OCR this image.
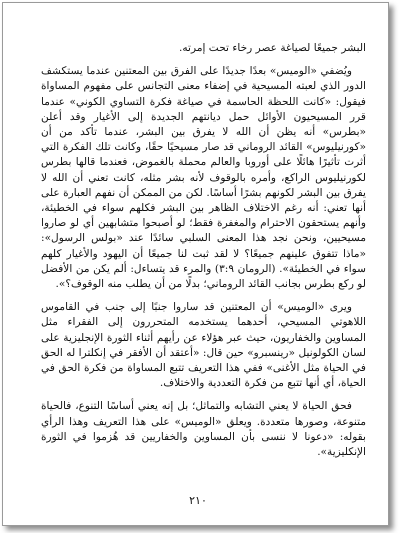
البشر جميعًا لصياغة عصر رخاء تحت إمرته.

ويُضفي «الوميس» بعدًا جديدًا على الفرق بين المعتنين عندما يستكشف الدور الذي لعبته المسيحية في إضفاء معنى التجانس على مفهوم المساواة فيقول: «كانت اللحظة الحاسمة في صياغة فكرة التساوي الكوني» عندما قرر المسيحيون الأوائل حمل ديانتهم الجديدة إلى الأغيار وقد أعلن «بطرس» أنه يظن أن الله لا يفرق بين البشر، عندما تأكد من أن «كورنيليوس» القائد الروماني قد صار مسيحيًا حقًا، وكانت تلك الفكرة التي أثرت تأثيرًا هائلًا على أوروبا والعالم محملة بالغموض، فعندما قالها بطرس لكورنيليوس الراكع، وأمره بالوقوف لأنه بشر مثله، كانت تعني أن الله لا يفرق بين البشر لكونهم بشرًا أساسًا. لكن من الممكن أن نفهم العبارة على أنها تعني: أنه رغم الاختلاف الظاهر بين البشر فكلهم سواء في الخطيئة، وأنهم يستحقون الاحترام والمغفرة فقط؛ لو أصبحوا متشابهين أي لو صاروا مسيحيين، ونحن نجد هذا المعنى السلبي سائدًا عند «بولس الرسول»: «ماذا تتفوق علينهم جميعًا؟ لا لقد ثبت لنا جميعًا أن اليهود والأغيار كلهم سواء في الخطيئة». (الرومان ٣:٩) والمرء قد يتساءل: ألم يكن من الأفضل لو ركع بطرس بجانب القائد الروماني؛ بدلًا من أن يطلب منه الوقوف؟».

ويرى «الوميس» أن المعتنين قد ساروا جنبًا إلى جنب في القاموس اللاهوتي المسيحي، أحدهما يستخدمه المتحررون إلى الفقراء مثل المساوين والخفاريون، حيث عبر هؤلاء عن رأيهم أثناء الثورة الإنجليزية على لسان الكولونيل «رينسبرو» حين قال: «أعتقد أن الأفقر في إنكلترا له الحق في الحياة مثل الأغنى» ففي هذا التعريف تتبع المساواة من فكرة الحق في الحياة، أي أنها تتبع من فكرة التعددية والاختلاف.

فحق الحياة لا يعني التشابه والتماثل؛ بل إنه يعني أساسًا التنوع، فالحياة متنوعة، وصورها متعددة. ويعلق «الوميس» على هذا التعريف وهذا الرأي بقوله: «دعونا لا ننسى بأن المساوين والخفاريين قد هُزموا في الثورة الإنكليزية».

٢١٠
